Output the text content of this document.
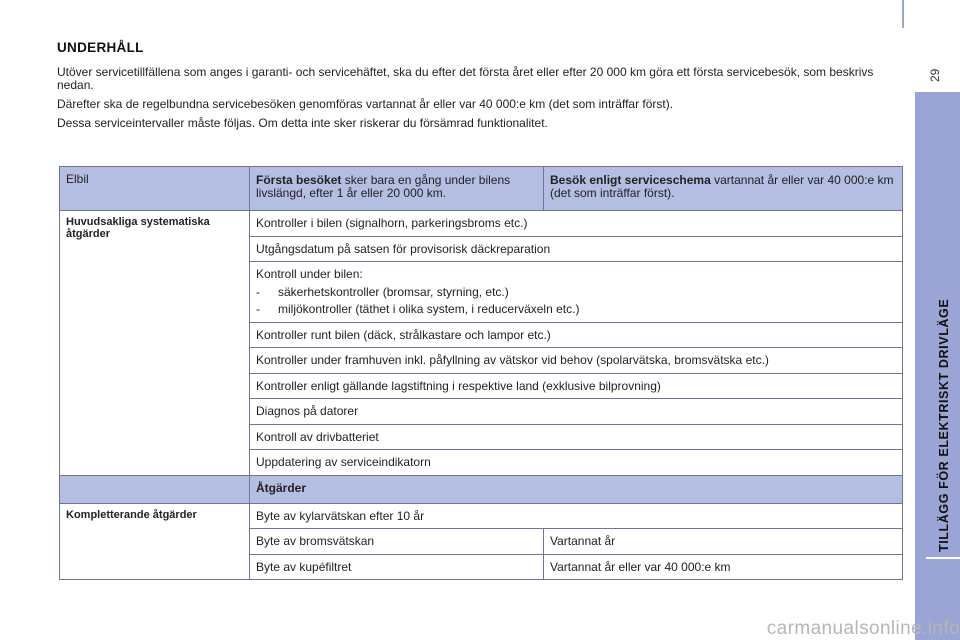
UNDERHÅLL

Utöver servicetillfällena som anges i garanti- och servicehäftet, ska du efter det första året eller efter 20 000 km göra ett första servicebesök, som beskrivs nedan.

Därefter ska de regelbundna servicebesöken genomföras vartannat år eller var 40 000:e km (det som inträffar först).

Dessa serviceintervaller måste följas. Om detta inte sker riskerar du försämrad funktionalitet.

Elbil	Första besöket sker bara en gång under bilens livslängd, efter 1 år eller 20 000 km.	Besök enligt serviceschema vartannat år eller var 40 000:e km (det som inträffar först).
Huvudsakliga systematiska åtgärder	Kontroller i bilen (signalhorn, parkeringsbroms etc.)	
	Utgångsdatum på satsen för provisorisk däckreparation	

	Kontroll under bilen:
- säkerhetskontroller (bromsar, styrning, etc.)
- miljökontroller (täthet i olika system, i reducerväxeln etc.)	

	Kontroller runt bilen (däck, strålkastare och lampor etc.)	
	Kontroller under framhuven inkl. påfyllning av vätskor vid behov (spolarvätska, bromsvätska etc.)	
	Kontroller enligt gällande lagstiftning i respektive land (exklusive bilprovning)	
	Diagnos på datorer	
	Kontroll av drivbatteriet	
	Uppdatering av serviceindikatorn	
	Åtgärder	
Kompletterande åtgärder	Byte av kylarvätskan efter 10 år	
	Byte av bromsvätskan	Vartannat år
	Byte av kupéfiltret	Vartannat år eller var 40 000:e km
29
TILLÄGG FÖR ELEKTRISKT DRIVLÄGE
carmanualsonline.info
